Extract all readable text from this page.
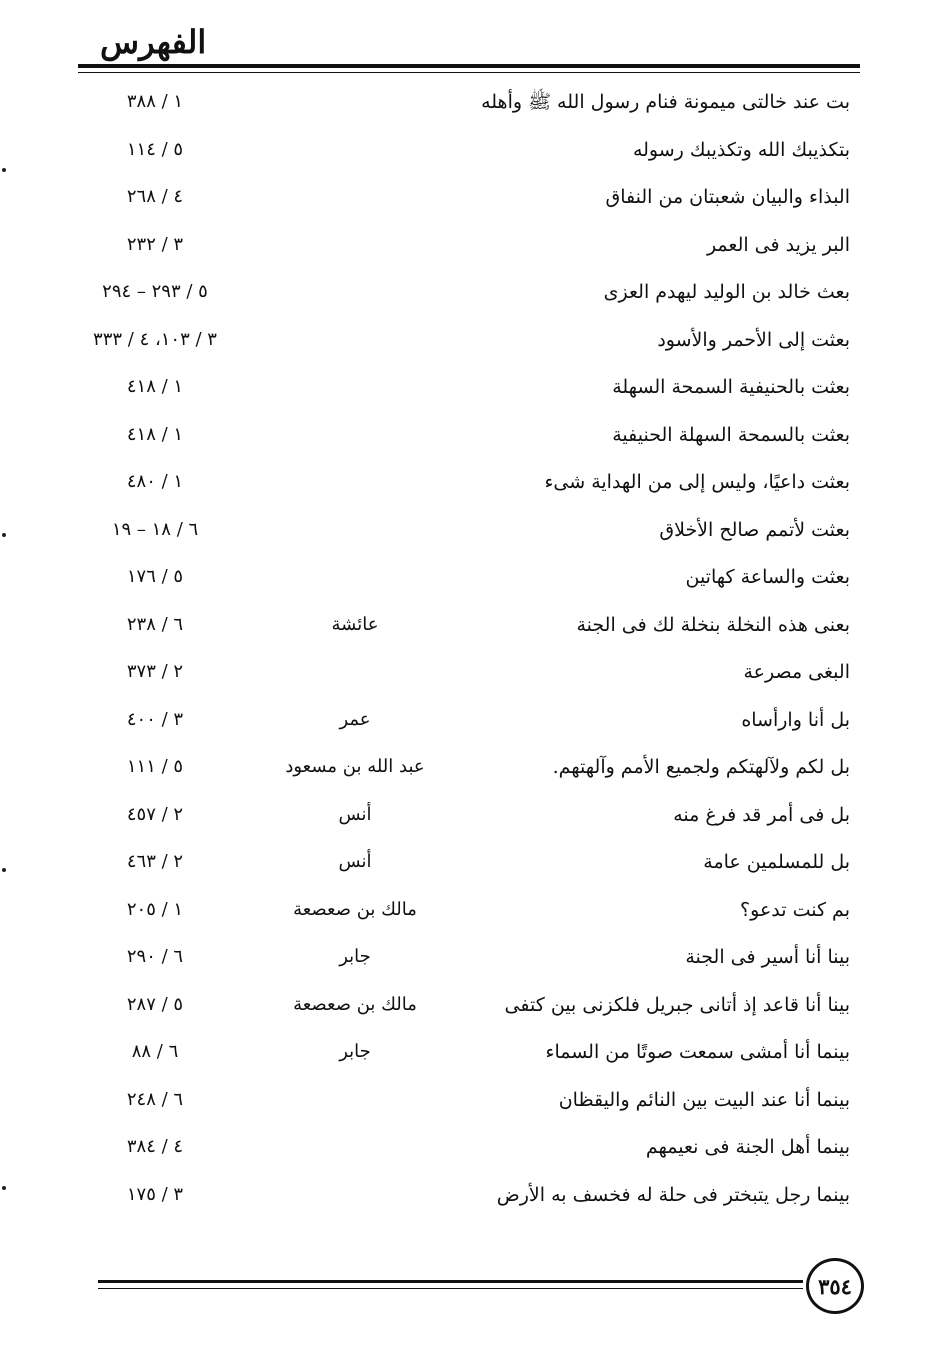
الفهرس
بت عند خالتى ميمونة فنام رسول الله ﷺ وأهله
١ / ٣٨٨
بتكذيبك الله وتكذيبك رسوله
٥ / ١١٤
البذاء والبيان شعبتان من النفاق
٤ / ٢٦٨
البر يزيد فى العمر
٣ / ٢٣٢
بعث خالد بن الوليد ليهدم العزى
٥ / ٢٩٣ – ٢٩٤
بعثت إلى الأحمر والأسود
٣ / ١٠٣، ٤ / ٣٣٣
بعثت بالحنيفية السمحة السهلة
١ / ٤١٨
بعثت بالسمحة السهلة الحنيفية
١ / ٤١٨
بعثت داعيًا، وليس إلى من الهداية شىء
١ / ٤٨٠
بعثت لأتمم صالح الأخلاق
٦ / ١٨ – ١٩
بعثت والساعة كهاتين
٥ / ١٧٦
بعنى هذه النخلة بنخلة لك فى الجنة
عائشة
٦ / ٢٣٨
البغى مصرعة
٢ / ٣٧٣
بل أنا وارأساه
عمر
٣ / ٤٠٠
بل لكم ولآلهتكم ولجميع الأمم وآلهتهم.
عبد الله بن مسعود
٥ / ١١١
بل فى أمر قد فرغ منه
أنس
٢ / ٤٥٧
بل للمسلمين عامة
أنس
٢ / ٤٦٣
بم كنت تدعو؟
مالك بن صعصعة
١ / ٢٠٥
بينا أنا أسير فى الجنة
جابر
٦ / ٢٩٠
بينا أنا قاعد إذ أتانى جبريل فلكزنى بين كتفى
مالك بن صعصعة
٥ / ٢٨٧
بينما أنا أمشى سمعت صوتًا من السماء
جابر
٦ / ٨٨
بينما أنا عند البيت بين النائم واليقظان
٦ / ٢٤٨
بينما أهل الجنة فى نعيمهم
٤ / ٣٨٤
بينما رجل يتبختر فى حلة له فخسف به الأرض
٣ / ١٧٥
٣٥٤
